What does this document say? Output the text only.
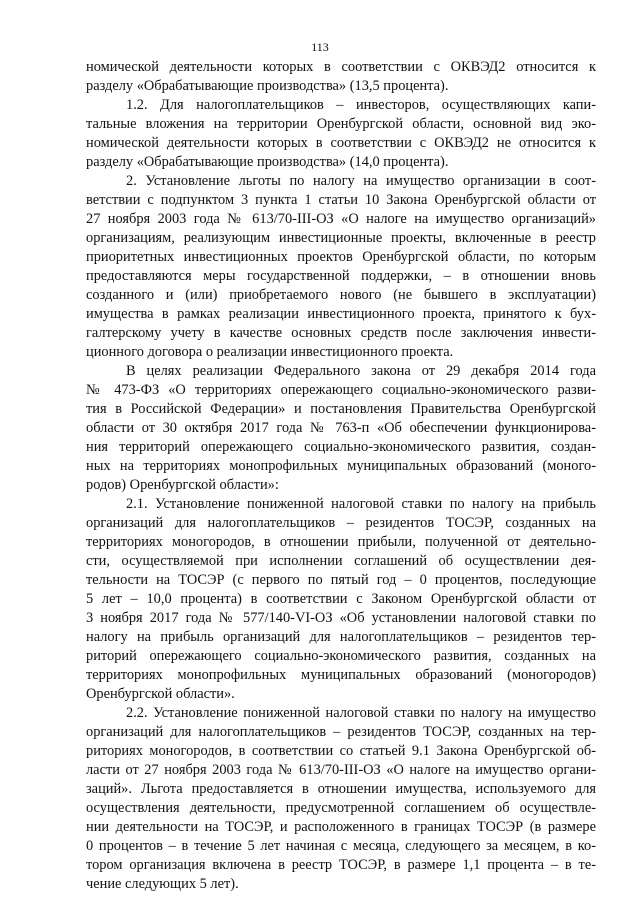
113
номической деятельности которых в соответствии с ОКВЭД2 относится к
разделу «Обрабатывающие производства» (13,5 процента).
1.2. Для налогоплательщиков – инвесторов, осуществляющих капи-
тальные вложения на территории Оренбургской области, основной вид эко-
номической деятельности которых в соответствии с ОКВЭД2 не относится к
разделу «Обрабатывающие производства» (14,0 процента).
2. Установление льготы по налогу на имущество организации в соот-
ветствии с подпунктом 3 пункта 1 статьи 10 Закона Оренбургской области от
27 ноября 2003 года № 613/70-III-ОЗ «О налоге на имущество организаций»
организациям, реализующим инвестиционные проекты, включенные в реестр
приоритетных инвестиционных проектов Оренбургской области, по которым
предоставляются меры государственной поддержки, – в отношении вновь
созданного и (или) приобретаемого нового (не бывшего в эксплуатации)
имущества в рамках реализации инвестиционного проекта, принятого к бух-
галтерскому учету в качестве основных средств после заключения инвести-
ционного договора о реализации инвестиционного проекта.
В целях реализации Федерального закона от 29 декабря 2014 года
№ 473-ФЗ «О территориях опережающего социально-экономического разви-
тия в Российской Федерации» и постановления Правительства Оренбургской
области от 30 октября 2017 года № 763-п «Об обеспечении функционирова-
ния территорий опережающего социально-экономического развития, создан-
ных на территориях монопрофильных муниципальных образований (моного-
родов) Оренбургской области»:
2.1. Установление пониженной налоговой ставки по налогу на прибыль
организаций для налогоплательщиков – резидентов ТОСЭР, созданных на
территориях моногородов, в отношении прибыли, полученной от деятельно-
сти, осуществляемой при исполнении соглашений об осуществлении дея-
тельности на ТОСЭР (с первого по пятый год – 0 процентов, последующие
5 лет – 10,0 процента) в соответствии с Законом Оренбургской области от
3 ноября 2017 года № 577/140-VI-ОЗ «Об установлении налоговой ставки по
налогу на прибыль организаций для налогоплательщиков – резидентов тер-
риторий опережающего социально-экономического развития, созданных на
территориях монопрофильных муниципальных образований (моногородов)
Оренбургской области».
2.2. Установление пониженной налоговой ставки по налогу на имущество
организаций для налогоплательщиков – резидентов ТОСЭР, созданных на тер-
риториях моногородов, в соответствии со статьей 9.1 Закона Оренбургской об-
ласти от 27 ноября 2003 года № 613/70-III-ОЗ «О налоге на имущество органи-
заций». Льгота предоставляется в отношении имущества, используемого для
осуществления деятельности, предусмотренной соглашением об осуществле-
нии деятельности на ТОСЭР, и расположенного в границах ТОСЭР (в размере
0 процентов – в течение 5 лет начиная с месяца, следующего за месяцем, в ко-
тором организация включена в реестр ТОСЭР, в размере 1,1 процента – в те-
чение следующих 5 лет).
